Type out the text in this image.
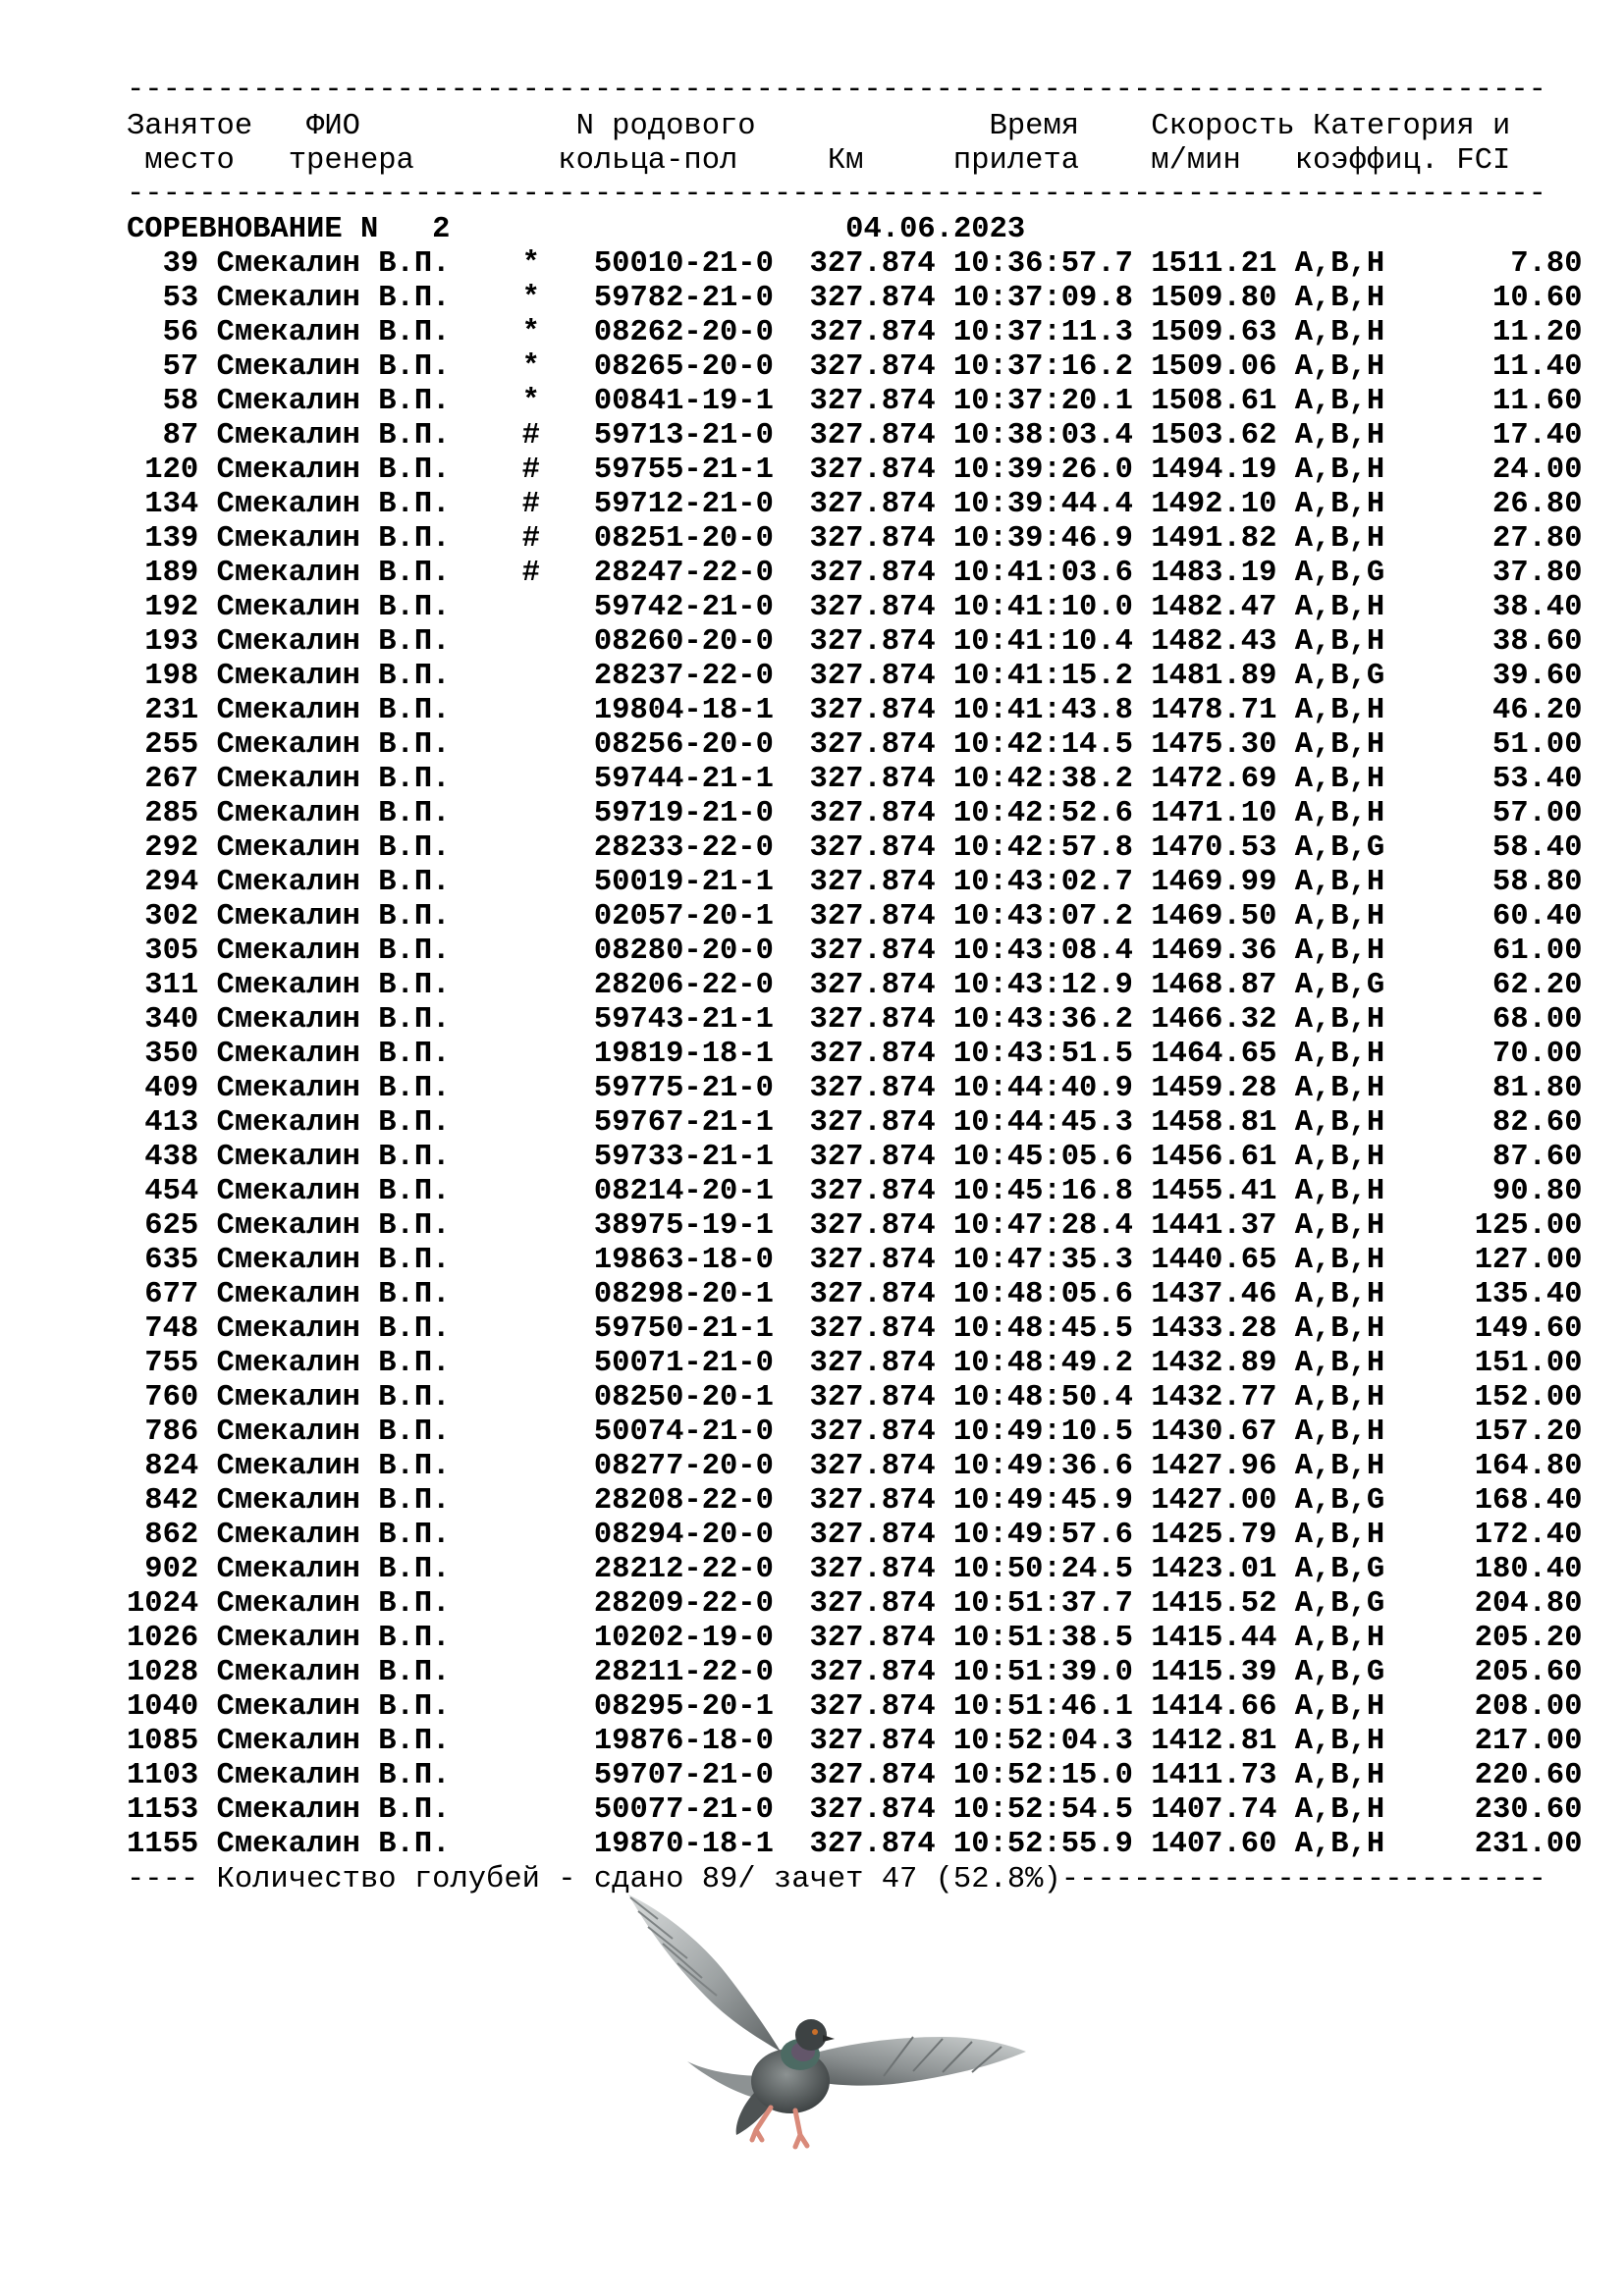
-------------------------------------------------------------------------------
Занятое   ФИО            N родового             Время    Скорость Категория и
место   тренера        кольца-пол     Км     прилета    м/мин   коэффиц. FCI
-------------------------------------------------------------------------------
СОРЕВНОВАНИЕ N 2	04.06.2023
39 Смекалин В.П.    *   50010-21-0  327.874 10:36:57.7 1511.21 A,B,H       7.80
53 Смекалин В.П.    *   59782-21-0  327.874 10:37:09.8 1509.80 A,B,H      10.60
56 Смекалин В.П.    *   08262-20-0  327.874 10:37:11.3 1509.63 A,B,H      11.20
57 Смекалин В.П.    *   08265-20-0  327.874 10:37:16.2 1509.06 A,B,H      11.40
58 Смекалин В.П.    *   00841-19-1  327.874 10:37:20.1 1508.61 A,B,H      11.60
87 Смекалин В.П.    #   59713-21-0  327.874 10:38:03.4 1503.62 A,B,H      17.40
120 Смекалин В.П.    #   59755-21-1  327.874 10:39:26.0 1494.19 A,B,H      24.00
134 Смекалин В.П.    #   59712-21-0  327.874 10:39:44.4 1492.10 A,B,H      26.80
139 Смекалин В.П.    #   08251-20-0  327.874 10:39:46.9 1491.82 A,B,H      27.80
189 Смекалин В.П.    #   28247-22-0  327.874 10:41:03.6 1483.19 A,B,G      37.80
192 Смекалин В.П.        59742-21-0  327.874 10:41:10.0 1482.47 A,B,H      38.40
193 Смекалин В.П.        08260-20-0  327.874 10:41:10.4 1482.43 A,B,H      38.60
198 Смекалин В.П.        28237-22-0  327.874 10:41:15.2 1481.89 A,B,G      39.60
231 Смекалин В.П.        19804-18-1  327.874 10:41:43.8 1478.71 A,B,H      46.20
255 Смекалин В.П.        08256-20-0  327.874 10:42:14.5 1475.30 A,B,H      51.00
267 Смекалин В.П.        59744-21-1  327.874 10:42:38.2 1472.69 A,B,H      53.40
285 Смекалин В.П.        59719-21-0  327.874 10:42:52.6 1471.10 A,B,H      57.00
292 Смекалин В.П.        28233-22-0  327.874 10:42:57.8 1470.53 A,B,G      58.40
294 Смекалин В.П.        50019-21-1  327.874 10:43:02.7 1469.99 A,B,H      58.80
302 Смекалин В.П.        02057-20-1  327.874 10:43:07.2 1469.50 A,B,H      60.40
305 Смекалин В.П.        08280-20-0  327.874 10:43:08.4 1469.36 A,B,H      61.00
311 Смекалин В.П.        28206-22-0  327.874 10:43:12.9 1468.87 A,B,G      62.20
340 Смекалин В.П.        59743-21-1  327.874 10:43:36.2 1466.32 A,B,H      68.00
350 Смекалин В.П.        19819-18-1  327.874 10:43:51.5 1464.65 A,B,H      70.00
409 Смекалин В.П.        59775-21-0  327.874 10:44:40.9 1459.28 A,B,H      81.80
413 Смекалин В.П.        59767-21-1  327.874 10:44:45.3 1458.81 A,B,H      82.60
438 Смекалин В.П.        59733-21-1  327.874 10:45:05.6 1456.61 A,B,H      87.60
454 Смекалин В.П.        08214-20-1  327.874 10:45:16.8 1455.41 A,B,H      90.80
625 Смекалин В.П.        38975-19-1  327.874 10:47:28.4 1441.37 A,B,H     125.00
635 Смекалин В.П.        19863-18-0  327.874 10:47:35.3 1440.65 A,B,H     127.00
677 Смекалин В.П.        08298-20-1  327.874 10:48:05.6 1437.46 A,B,H     135.40
748 Смекалин В.П.        59750-21-1  327.874 10:48:45.5 1433.28 A,B,H     149.60
755 Смекалин В.П.        50071-21-0  327.874 10:48:49.2 1432.89 A,B,H     151.00
760 Смекалин В.П.        08250-20-1  327.874 10:48:50.4 1432.77 A,B,H     152.00
786 Смекалин В.П.        50074-21-0  327.874 10:49:10.5 1430.67 A,B,H     157.20
824 Смекалин В.П.        08277-20-0  327.874 10:49:36.6 1427.96 A,B,H     164.80
842 Смекалин В.П.        28208-22-0  327.874 10:49:45.9 1427.00 A,B,G     168.40
862 Смекалин В.П.        08294-20-0  327.874 10:49:57.6 1425.79 A,B,H     172.40
902 Смекалин В.П.        28212-22-0  327.874 10:50:24.5 1423.01 A,B,G     180.40
1024 Смекалин В.П.        28209-22-0  327.874 10:51:37.7 1415.52 A,B,G     204.80
1026 Смекалин В.П.        10202-19-0  327.874 10:51:38.5 1415.44 A,B,H     205.20
1028 Смекалин В.П.        28211-22-0  327.874 10:51:39.0 1415.39 A,B,G     205.60
1040 Смекалин В.П.        08295-20-1  327.874 10:51:46.1 1414.66 A,B,H     208.00
1085 Смекалин В.П.        19876-18-0  327.874 10:52:04.3 1412.81 A,B,H     217.00
1103 Смекалин В.П.        59707-21-0  327.874 10:52:15.0 1411.73 A,B,H     220.60
1153 Смекалин В.П.        50077-21-0  327.874 10:52:54.5 1407.74 A,B,H     230.60
1155 Смекалин В.П.        19870-18-1  327.874 10:52:55.9 1407.60 A,B,H     231.00
---- Количество голубей - сдано 89/ зачет 47 (52.8%)---------------------------
